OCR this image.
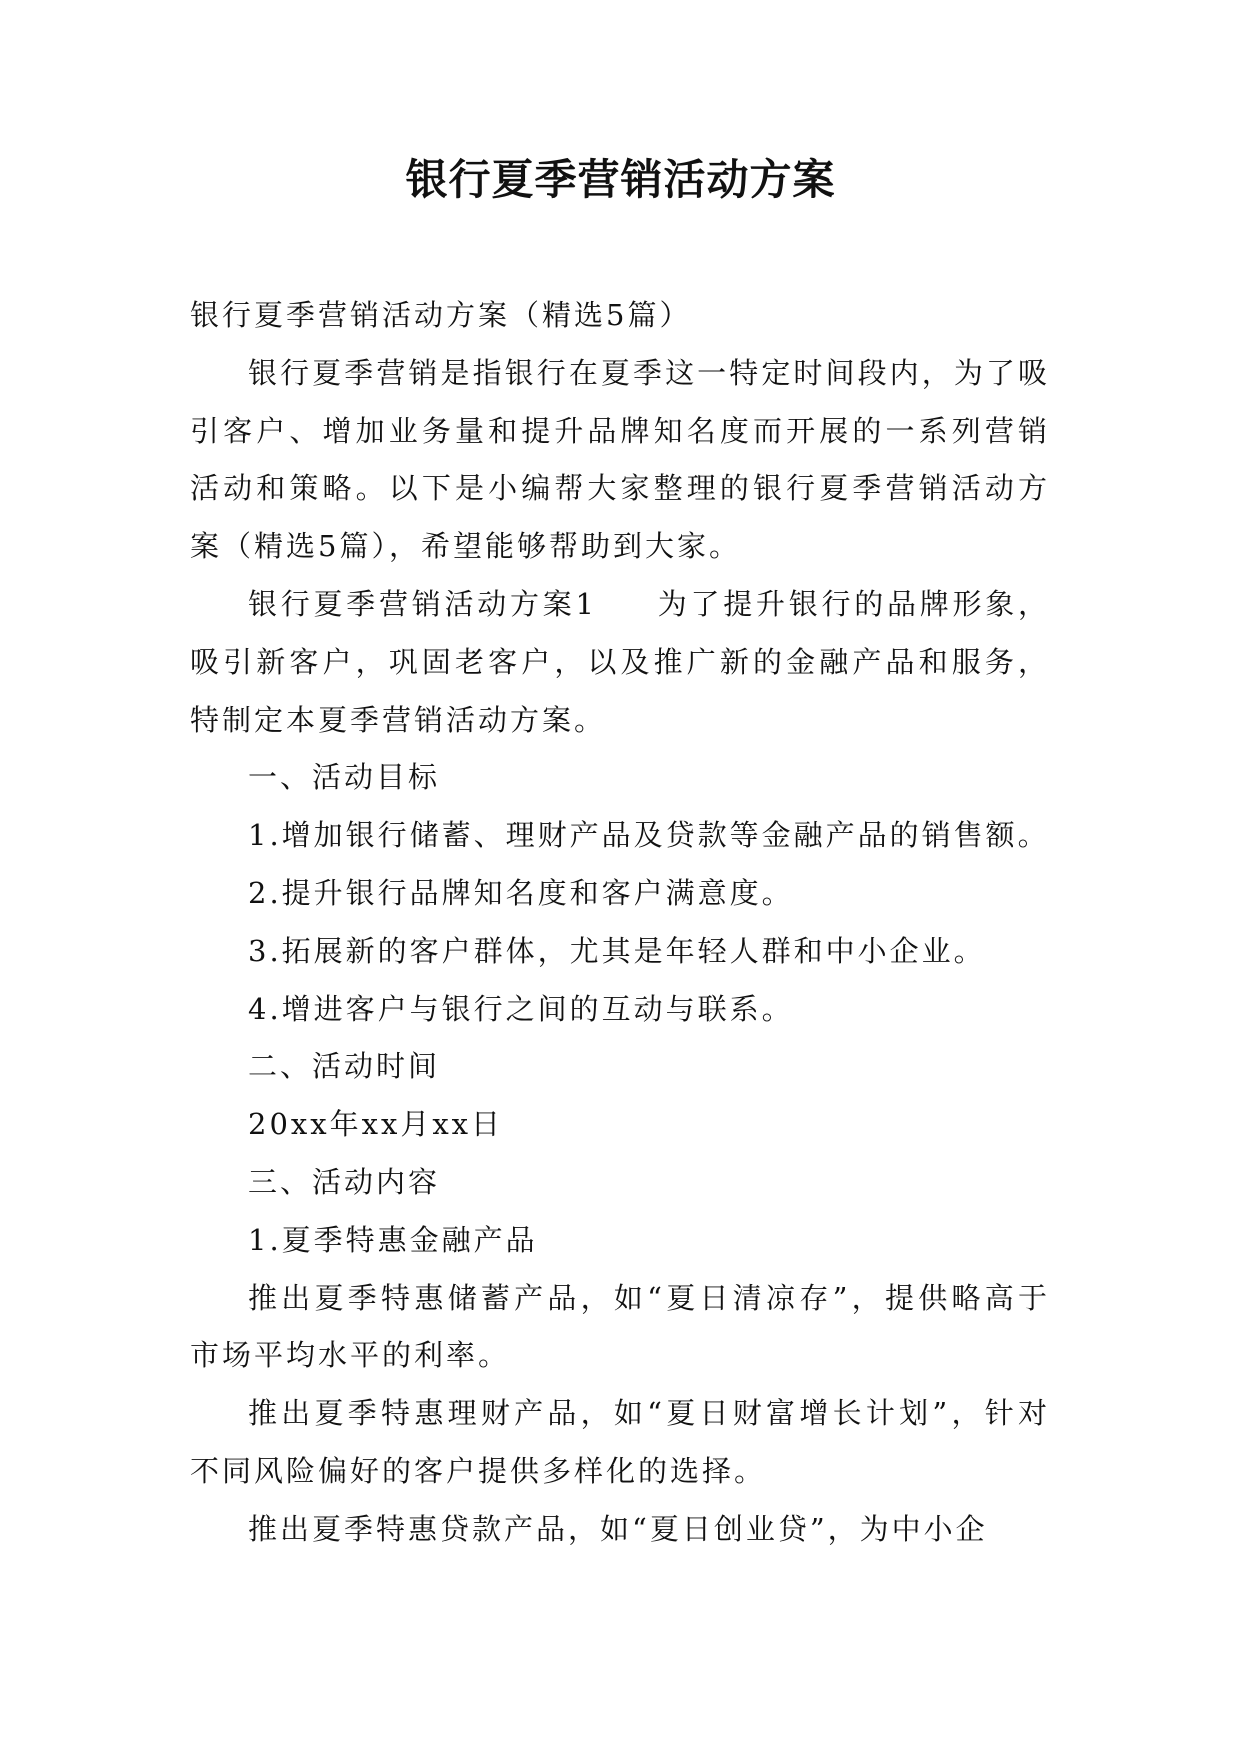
银行夏季营销活动方案

银行夏季营销活动方案（精选5篇）

银行夏季营销是指银行在夏季这一特定时间段内，为了吸引客户、增加业务量和提升品牌知名度而开展的一系列营销活动和策略。以下是小编帮大家整理的银行夏季营销活动方案（精选5篇），希望能够帮助到大家。

银行夏季营销活动方案1 为了提升银行的品牌形象，吸引新客户，巩固老客户，以及推广新的金融产品和服务，特制定本夏季营销活动方案。

一、活动目标

1.增加银行储蓄、理财产品及贷款等金融产品的销售额。

2.提升银行品牌知名度和客户满意度。

3.拓展新的客户群体，尤其是年轻人群和中小企业。

4.增进客户与银行之间的互动与联系。

二、活动时间

20xx年xx月xx日

三、活动内容

1.夏季特惠金融产品

推出夏季特惠储蓄产品，如“夏日清凉存”，提供略高于市场平均水平的利率。

推出夏季特惠理财产品，如“夏日财富增长计划”，针对不同风险偏好的客户提供多样化的选择。

推出夏季特惠贷款产品，如“夏日创业贷”，为中小企
